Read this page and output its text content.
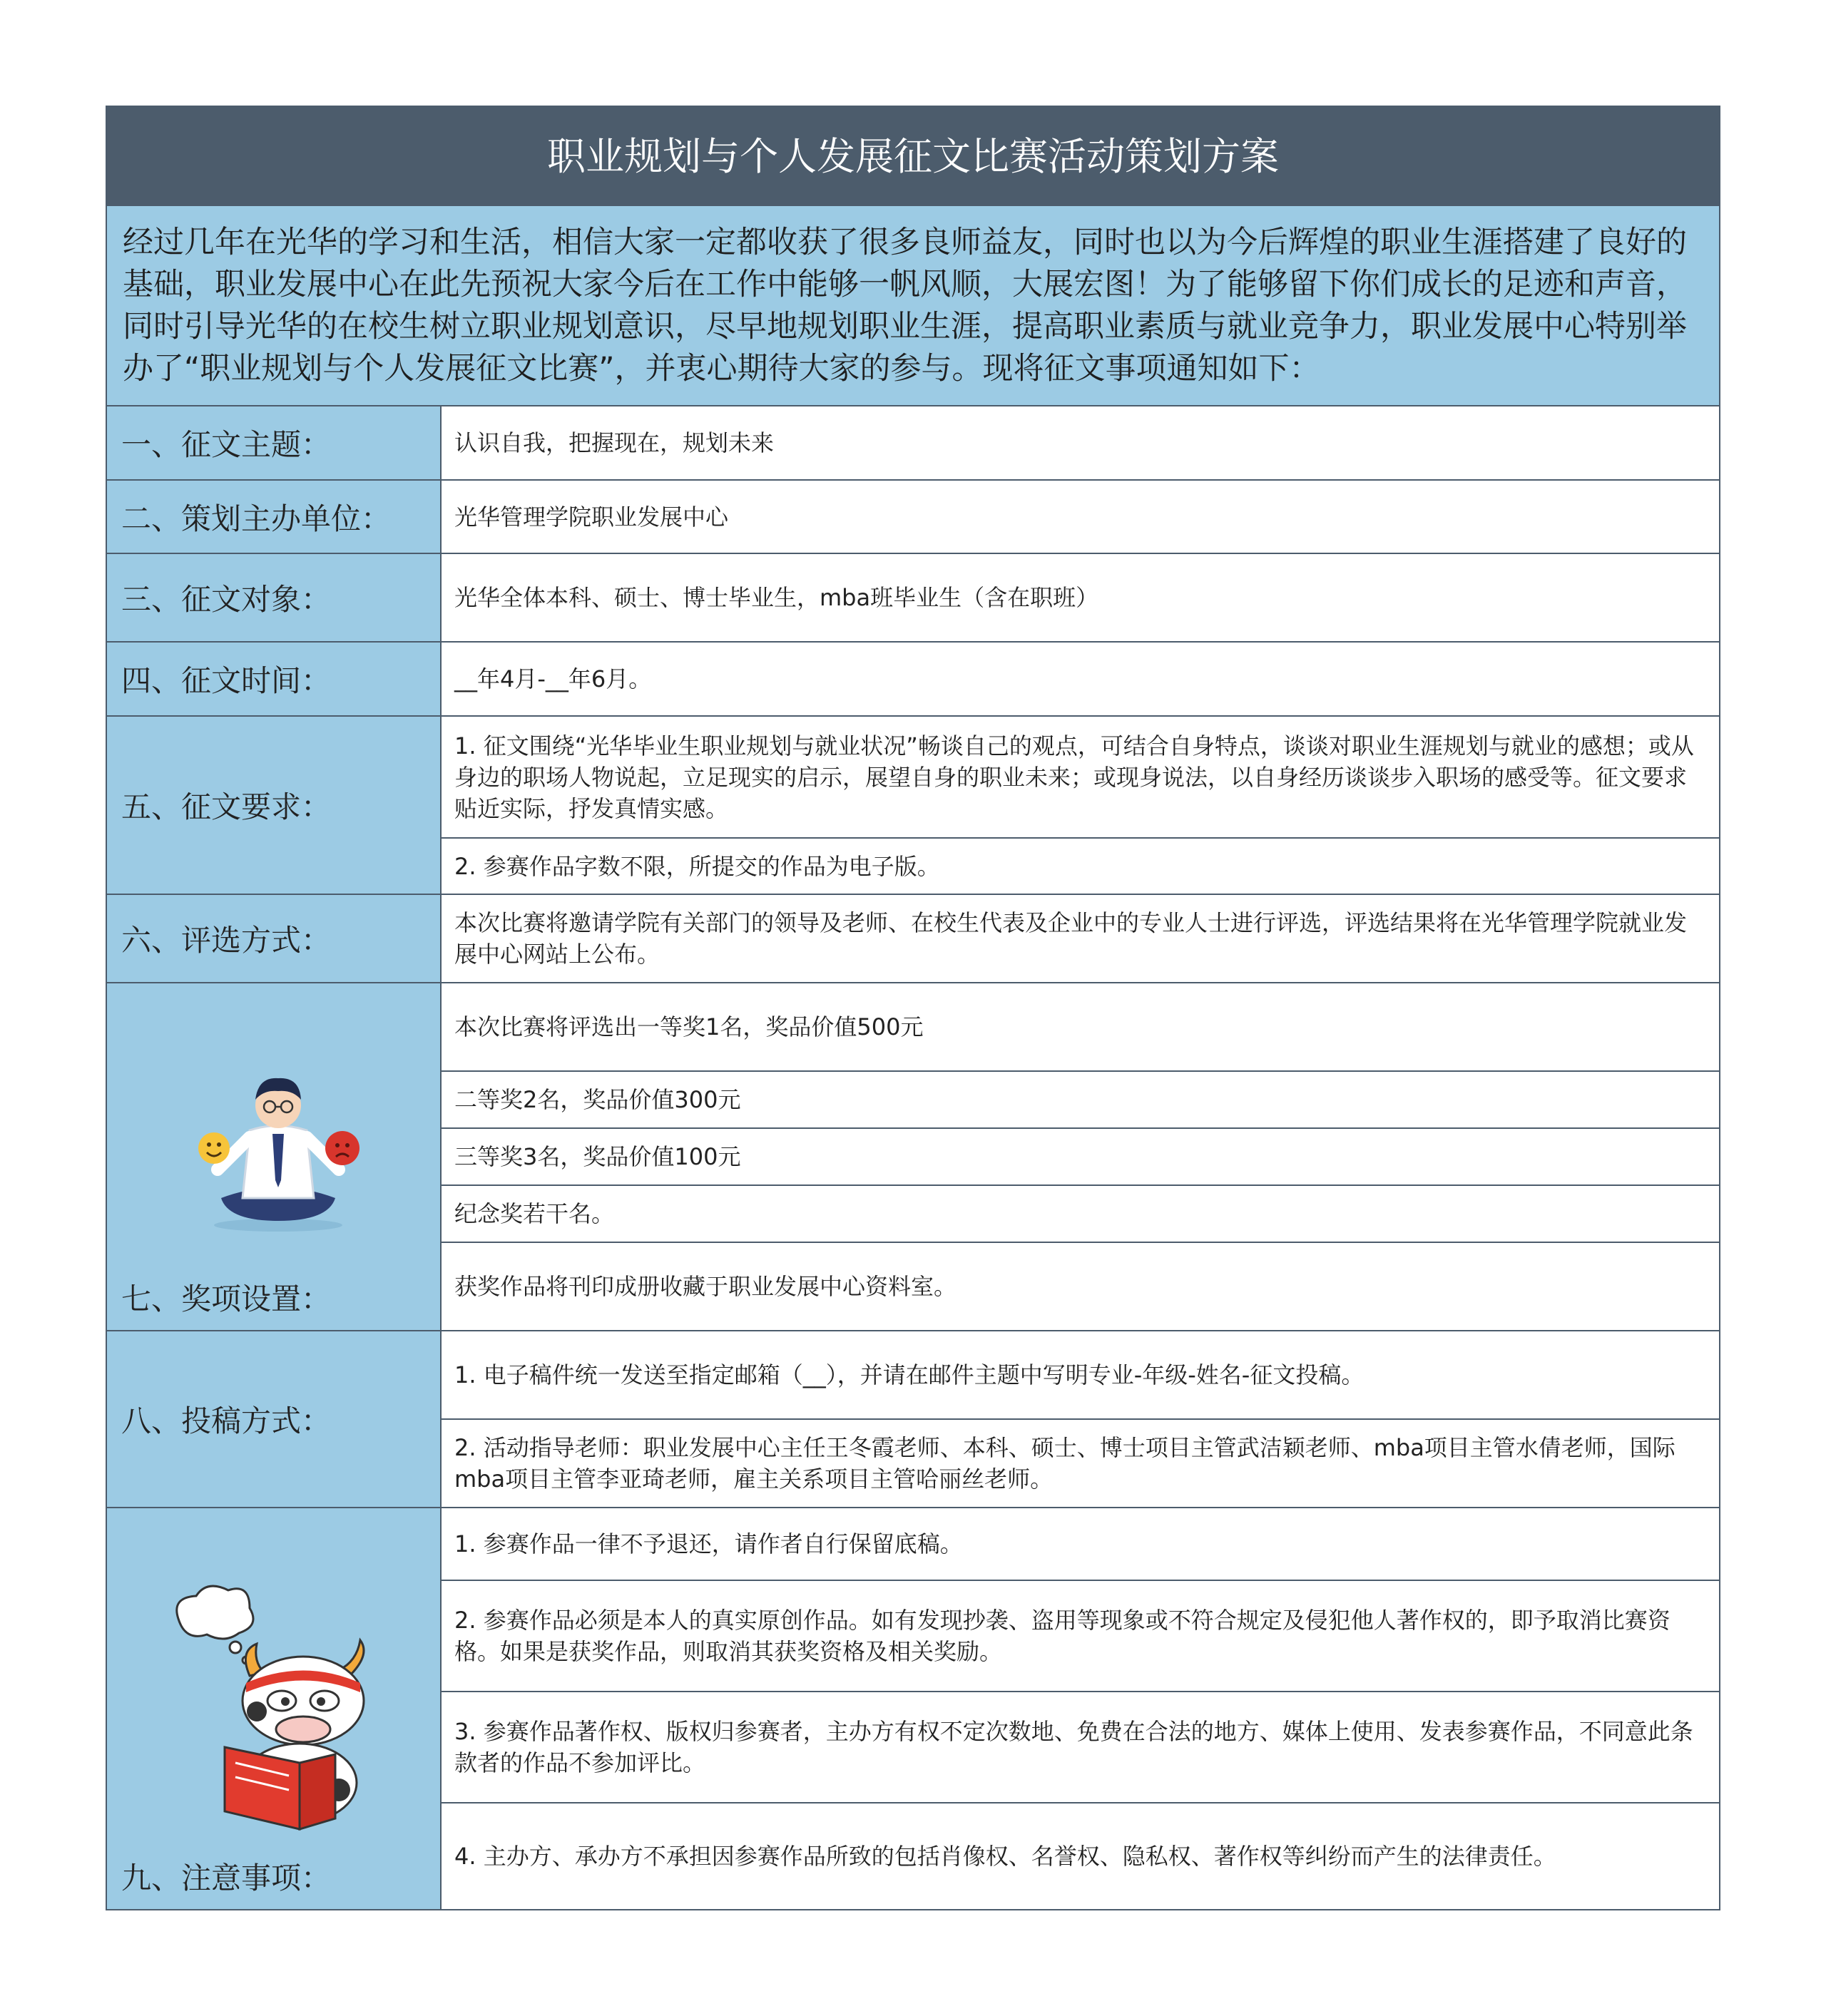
职业规划与个人发展征文比赛活动策划方案
经过几年在光华的学习和生活，相信大家一定都收获了很多良师益友，同时也以为今后辉煌的职业生涯搭建了良好的基础，职业发展中心在此先预祝大家今后在工作中能够一帆风顺，大展宏图！为了能够留下你们成长的足迹和声音，同时引导光华的在校生树立职业规划意识，尽早地规划职业生涯，提高职业素质与就业竞争力，职业发展中心特别举办了“职业规划与个人发展征文比赛”，并衷心期待大家的参与。现将征文事项通知如下：
一、征文主题：	认识自我，把握现在，规划未来
二、策划主办单位：	光华管理学院职业发展中心
三、征文对象：	光华全体本科、硕士、博士毕业生，mba班毕业生（含在职班）
四、征文时间：	__年4月-__年6月。
五、征文要求：
1. 征文围绕“光华毕业生职业规划与就业状况”畅谈自己的观点，可结合自身特点，谈谈对职业生涯规划与就业的感想；或从身边的职场人物说起，立足现实的启示，展望自身的职业未来；或现身说法，以自身经历谈谈步入职场的感受等。征文要求贴近实际，抒发真情实感。
2. 参赛作品字数不限，所提交的作品为电子版。
六、评选方式：	本次比赛将邀请学院有关部门的领导及老师、在校生代表及企业中的专业人士进行评选，评选结果将在光华管理学院就业发展中心网站上公布。
七、奖项设置：
本次比赛将评选出一等奖1名，奖品价值500元
二等奖2名，奖品价值300元
三等奖3名，奖品价值100元
纪念奖若干名。
获奖作品将刊印成册收藏于职业发展中心资料室。
八、投稿方式：
1. 电子稿件统一发送至指定邮箱（__），并请在邮件主题中写明专业-年级-姓名-征文投稿。
2. 活动指导老师：职业发展中心主任王冬霞老师、本科、硕士、博士项目主管武洁颖老师、mba项目主管水倩老师，国际mba项目主管李亚琦老师，雇主关系项目主管哈丽丝老师。
九、注意事项：
1. 参赛作品一律不予退还，请作者自行保留底稿。
2. 参赛作品必须是本人的真实原创作品。如有发现抄袭、盗用等现象或不符合规定及侵犯他人著作权的，即予取消比赛资格。如果是获奖作品，则取消其获奖资格及相关奖励。
3. 参赛作品著作权、版权归参赛者，主办方有权不定次数地、免费在合法的地方、媒体上使用、发表参赛作品，不同意此条款者的作品不参加评比。
4. 主办方、承办方不承担因参赛作品所致的包括肖像权、名誉权、隐私权、著作权等纠纷而产生的法律责任。
